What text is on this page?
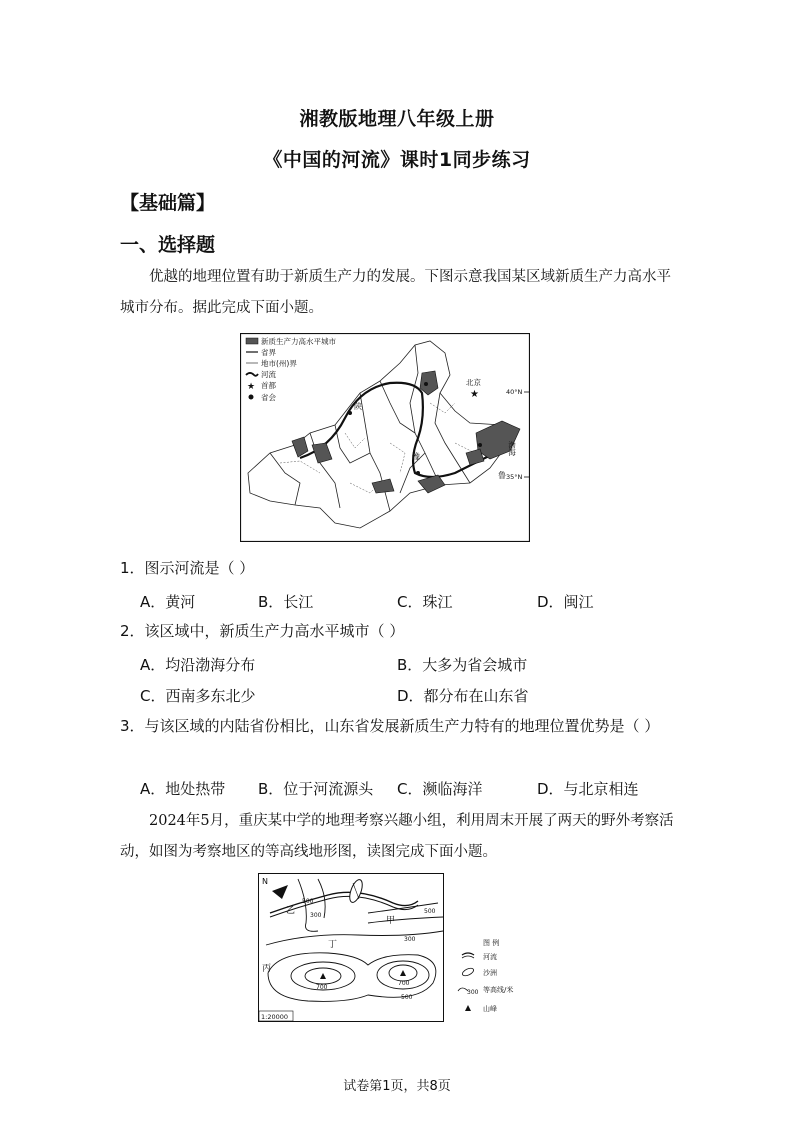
湘教版地理八年级上册
《中国的河流》课时1同步练习
【基础篇】
一、选择题
优越的地理位置有助于新质生产力的发展。下图示意我国某区域新质生产力高水平城市分布。据此完成下面小题。
新质生产力高水平城市
省界
地市(州)界
河流
★ 首都
省会
北京
★	40°N
35°N
渤海
鲁
豫
陕
1．图示河流是（ ）
A．黄河	B．长江	C．珠江	D．闽江
2．该区域中，新质生产力高水平城市（ ）
A．均沿渤海分布	B．大多为省会城市
C．西南多东北少	D．都分布在山东省
3．与该区域的内陆省份相比，山东省发展新质生产力特有的地理位置优势是（ ）
A．地处热带 B．位于河流源头 C．濒临海洋	D．与北京相连
2024年5月，重庆某中学的地理考察兴趣小组，利用周末开展了两天的野外考察活动，如图为考察地区的等高线地形图，读图完成下面小题。
N
乙
甲
丙
丁
500
300
500
300
700
700
500
1:20000
图 例
河流
沙洲
300 等高线/米
山峰
试卷第1页，共8页
